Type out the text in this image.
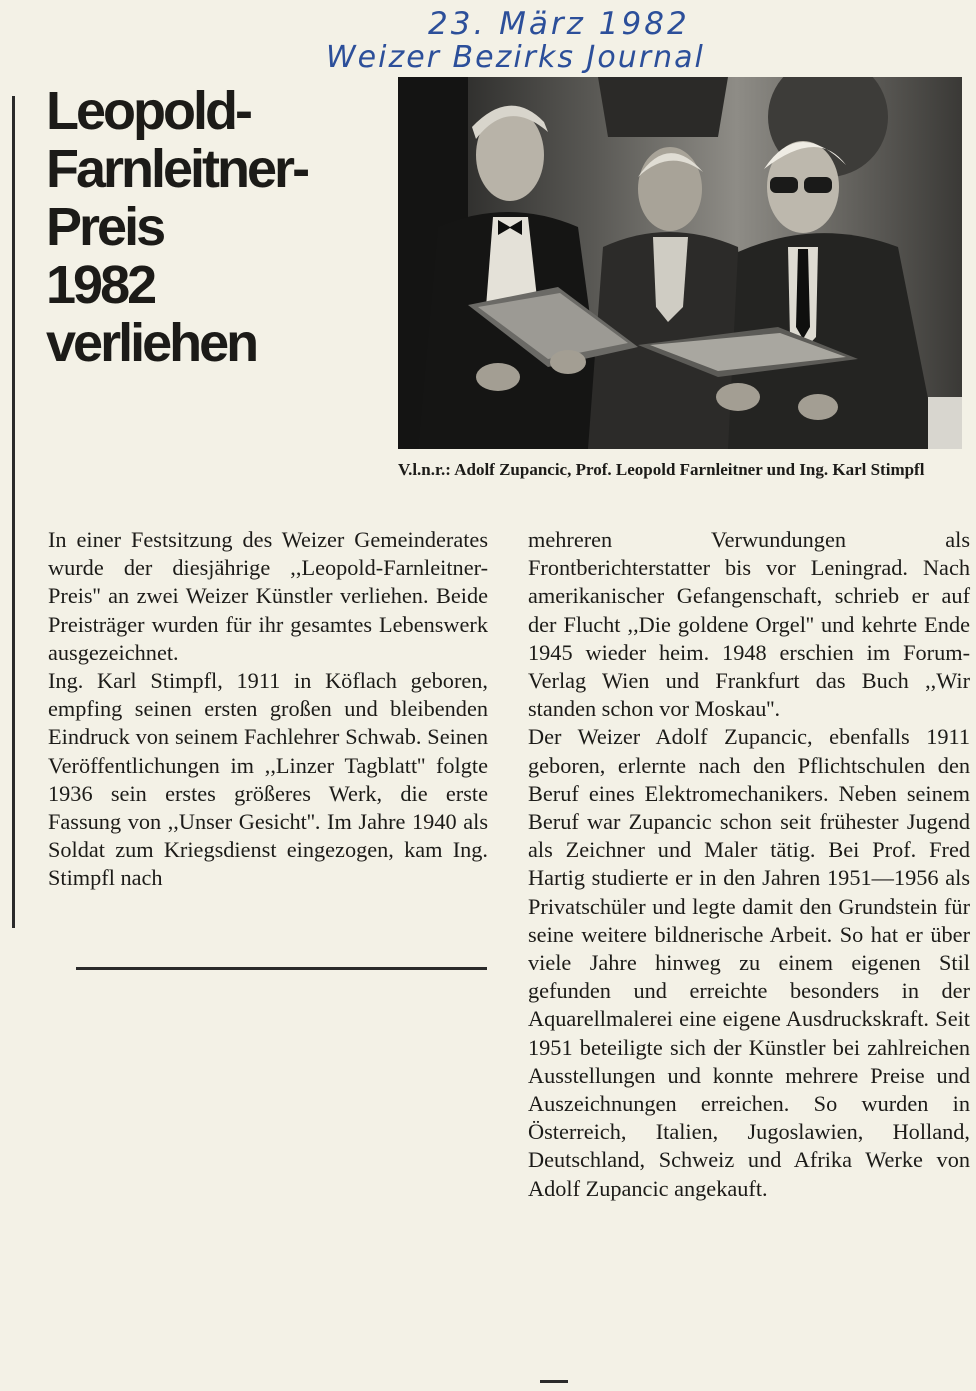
23. März 1982
Weizer Bezirks Journal
Leopold-
Farnleitner-
Preis
1982
verliehen

V.l.n.r.: Adolf Zupancic, Prof. Leopold Farnleitner und Ing. Karl Stimpfl

In einer Festsitzung des Weizer Gemeinderates wurde der diesjährige ,,Leopold-Farnleitner-Preis'' an zwei Weizer Künstler verliehen. Beide Preisträger wurden für ihr gesamtes Lebenswerk ausgezeichnet.

Ing. Karl Stimpfl, 1911 in Köflach geboren, empfing seinen ersten großen und bleibenden Eindruck von seinem Fachlehrer Schwab. Seinen Veröffentlichungen im ,,Linzer Tagblatt'' folgte 1936 sein erstes größeres Werk, die erste Fassung von ,,Unser Gesicht''. Im Jahre 1940 als Soldat zum Kriegsdienst eingezogen, kam Ing. Stimpfl nach

mehreren Verwundungen als Frontberichterstatter bis vor Leningrad. Nach amerikanischer Gefangenschaft, schrieb er auf der Flucht ,,Die goldene Orgel'' und kehrte Ende 1945 wieder heim. 1948 erschien im Forum-Verlag Wien und Frankfurt das Buch ,,Wir standen schon vor Moskau''.

Der Weizer Adolf Zupancic, ebenfalls 1911 geboren, erlernte nach den Pflichtschulen den Beruf eines Elektromechanikers. Neben seinem Beruf war Zupancic schon seit frühester Jugend als Zeichner und Maler tätig. Bei Prof. Fred Hartig studierte er in den Jahren 1951—1956 als Privatschüler und legte damit den Grundstein für seine weitere bildnerische Arbeit. So hat er über viele Jahre hinweg zu einem eigenen Stil gefunden und erreichte besonders in der Aquarellmalerei eine eigene Ausdruckskraft. Seit 1951 beteiligte sich der Künstler bei zahlreichen Ausstellungen und konnte mehrere Preise und Auszeichnungen erreichen. So wurden in Österreich, Italien, Jugoslawien, Holland, Deutschland, Schweiz und Afrika Werke von Adolf Zupancic angekauft.
